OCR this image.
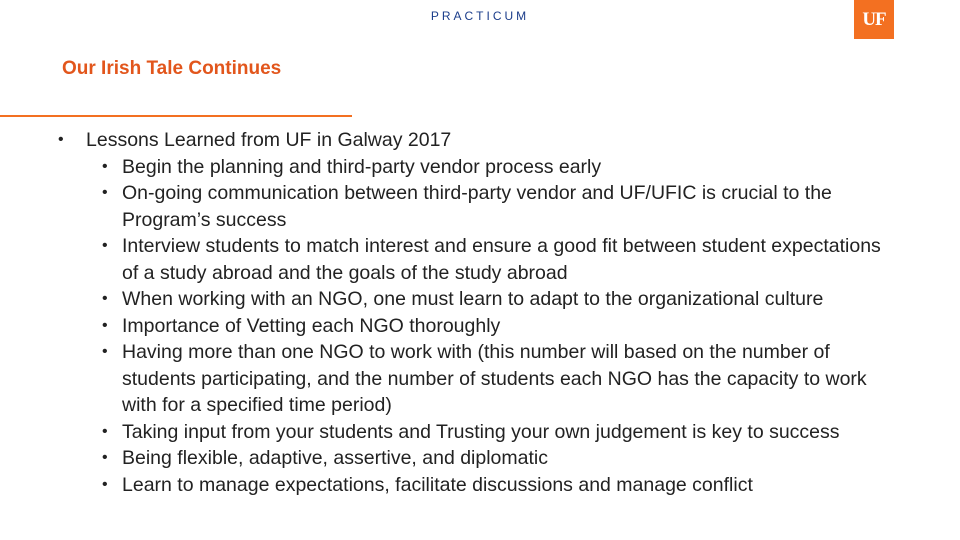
PRACTICUM	UF
Our Irish Tale Continues
• Lessons Learned from UF in Galway 2017
• Begin the planning and third-party vendor process early
• On-going communication between third-party vendor and UF/UFIC is crucial to the Program’s success
• Interview students to match interest and ensure a good fit between student expectations of a study abroad and the goals of the study abroad
• When working with an NGO, one must learn to adapt to the organizational culture
• Importance of Vetting each NGO thoroughly
• Having more than one NGO to work with (this number will based on the number of students participating, and the number of students each NGO has the capacity to work with for a specified time period)
• Taking input from your students and Trusting your own judgement is key to success
• Being flexible, adaptive, assertive, and diplomatic
• Learn to manage expectations, facilitate discussions and manage conflict
